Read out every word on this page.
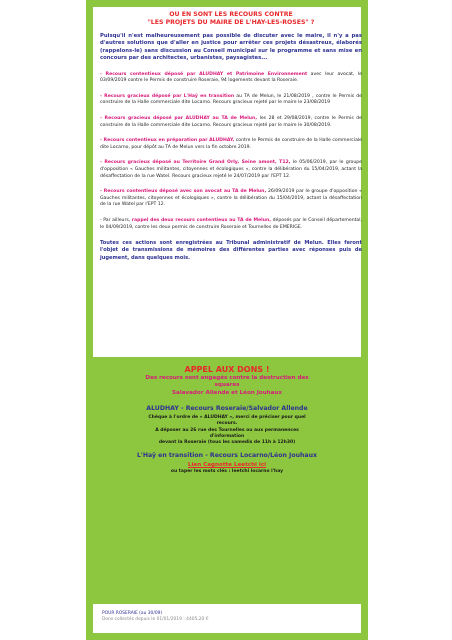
OU EN SONT LES RECOURS CONTRE
"LES PROJETS DU MAIRE DE L'HAY-LES-ROSES" ?

Puisqu'il n'est malheureusement pas possible de discuter avec le maire, il n'y a pas d'autres solutions que d'aller en justice pour arrêter ces projets désastreux, élaborés (rappelons-le) sans discussion au Conseil municipal sur le programme et sans mise en concours par des architectes, urbanistes, paysagistes...

- Recours contentieux déposé par ALUDHAY et Patrimoine Environnement avec leur avocat, le 03/09/2019 contre le Permis de construire Roseraie, 94 logements devant la Roseraie.

- Recours gracieux déposé par L'Haÿ en transition au TA de Melun, le 21/08/2019 , contre le Permis de construire de la Halle commerciale dite Locarno. Recours gracieux rejeté par le maire le 23/08/2019

- Recours gracieux déposé par ALUDHAY au TA de Melun, les 28 et 29/08/2019, contre le Permis de construire de la Halle commerciale dite Locarno. Recours gracieux rejeté par le maire le 30/08/2019.

- Recours contentieux en préparation par ALUDHAY, contre le Permis de construire de la Halle commerciale dite Locarno, pour dépôt au TA de Melun vers la fin octobre 2019.

- Recours gracieux déposé au Territoire Grand Orly, Seine amont, T12, le 05/06/2019, par le groupe d'opposition « Gauches militantes, citoyennes et écologiques », contre la délibération du 15/04/2019, actant la désaffectation de la rue Watel. Recours gracieux rejeté le 24/07/2019 par l'EPT 12.

- Recours contentieux déposé avec son avocat au TA de Melun, 26/09/2019 par le groupe d'opposition « Gauches militantes, citoyennes et écologiques », contre la délibération du 15/04/2019, actant la désaffectation de la rue Watel par l'EPT 12.

- Par ailleurs, rappel des deux recours contentieux au TA de Melun, déposés par le Conseil départemental, le 04/09/2019, contre les deux permis de construire Roseraie et Tournelles de EMERIGE.

Toutes ces actions sont enregistrées au Tribunal administratif de Melun. Elles feront l'objet de transmissions de mémoires des différentes parties avec réponses puis de jugement, dans quelques mois.

APPEL AUX DONS !

Des recours sont engagés contre la destruction des

squares

Salavador Allende et Léon Jouhaux

ALUDHAY - Recours Roseraie/Salvador Allende

Chèque à l'ordre de « ALUDHAY », merci de préciser pour quel

recours.

A déposer au 26 rue des Tournelles ou aux permanences

d'information

devant la Roseraie (tous les samedis de 11h à 12h30)

L'Haÿ en transition - Recours Locarno/Léon Jouhaux

Lien Cagnotte Leetchi ici

ou taper les mots clés : leetchi locarno l'hay

POUR ROSERAIE (au 30/09)

Dons collectés depuis le 01/01/2019 : 4405,20 €
